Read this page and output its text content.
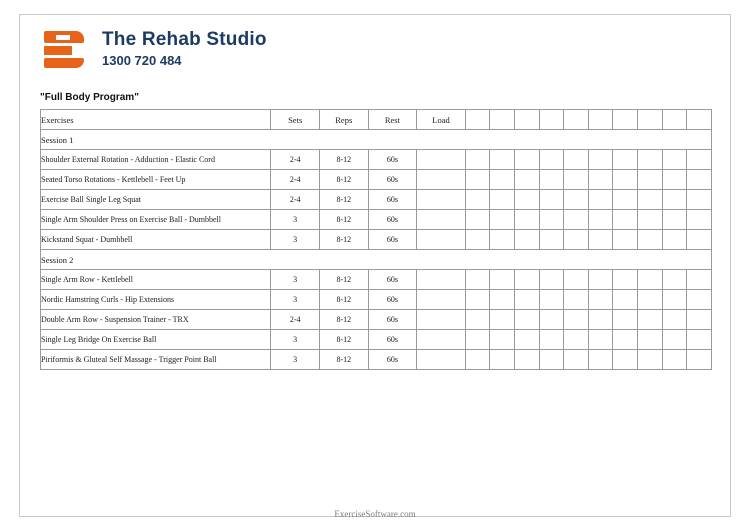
The Rehab Studio
1300 720 484
"Full Body Program"
Exercises	Sets	Reps	Rest	Load										
Session 1														
Shoulder External Rotation - Adduction - Elastic Cord	2-4	8-12	60s											
Seated Torso Rotations - Kettlebell - Feet Up	2-4	8-12	60s											
Exercise Ball Single Leg Squat	2-4	8-12	60s											
Single Arm Shoulder Press on Exercise Ball - Dumbbell	3	8-12	60s											
Kickstand Squat - Dumbbell	3	8-12	60s											
Session 2														
Single Arm Row - Kettlebell	3	8-12	60s											
Nordic Hamstring Curls - Hip Extensions	3	8-12	60s											
Double Arm Row - Suspension Trainer - TRX	2-4	8-12	60s											
Single Leg Bridge On Exercise Ball	3	8-12	60s											
Piriformis & Gluteal Self Massage - Trigger Point Ball	3	8-12	60s											
ExerciseSoftware.com
